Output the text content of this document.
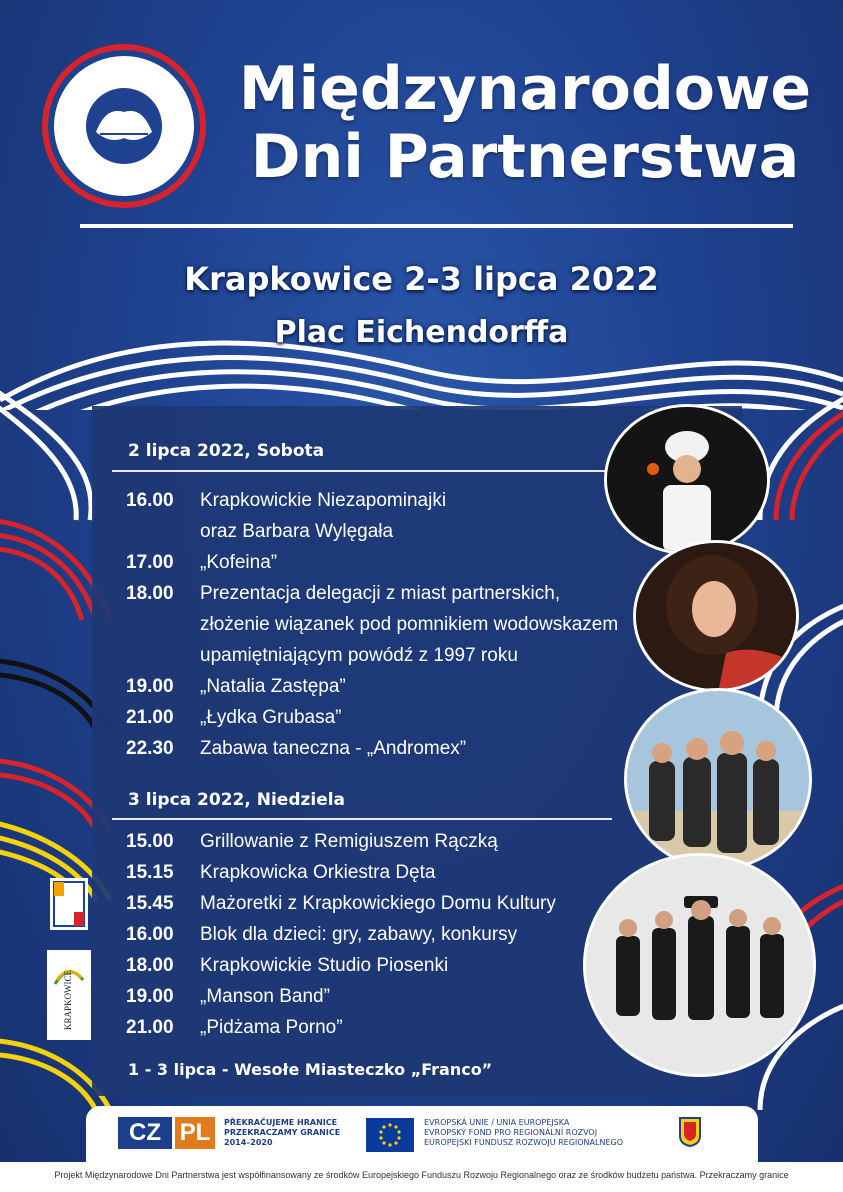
Międzynarodowe
Dni Partnerstwa
Krapkowice 2-3 lipca 2022
Plac Eichendorffa
2 lipca 2022, Sobota
16.00 Krapkowickie Niezapominajki
oraz Barbara Wylęgała
17.00 „Kofeina”
18.00 Prezentacja delegacji z miast partnerskich,
złożenie wiązanek pod pomnikiem wodowskazem
upamiętniającym powódź z 1997 roku
19.00 „Natalia Zastępa”
21.00 „Łydka Grubasa”
22.30 Zabawa taneczna - „Andromex”
3 lipca 2022, Niedziela
15.00 Grillowanie z Remigiuszem Rączką
15.15 Krapkowicka Orkiestra Dęta
15.45 Mażoretki z Krapkowickiego Domu Kultury
16.00 Blok dla dzieci: gry, zabawy, konkursy
18.00 Krapkowickie Studio Piosenki
19.00 „Manson Band”
21.00 „Pidżama Porno”
1 - 3 lipca - Wesołe Miasteczko „Franco”
KRAPKOWICE
CZ PL	PŘEKRAČUJEME HRANICE
PRZEKRACZAMY GRANICE
2014–2020
EVROPSKÁ UNIE / UNIA EUROPEJSKA
EVROPSKÝ FOND PRO REGIONÁLNÍ ROZVOJ
EUROPEJSKI FUNDUSZ ROZWOJU REGIONALNEGO
Projekt Międzynarodowe Dni Partnerstwa jest współfinansowany ze środków Europejskiego Funduszu Rozwoju Regionalnego oraz ze środków budżetu państwa. Przekraczamy granice
